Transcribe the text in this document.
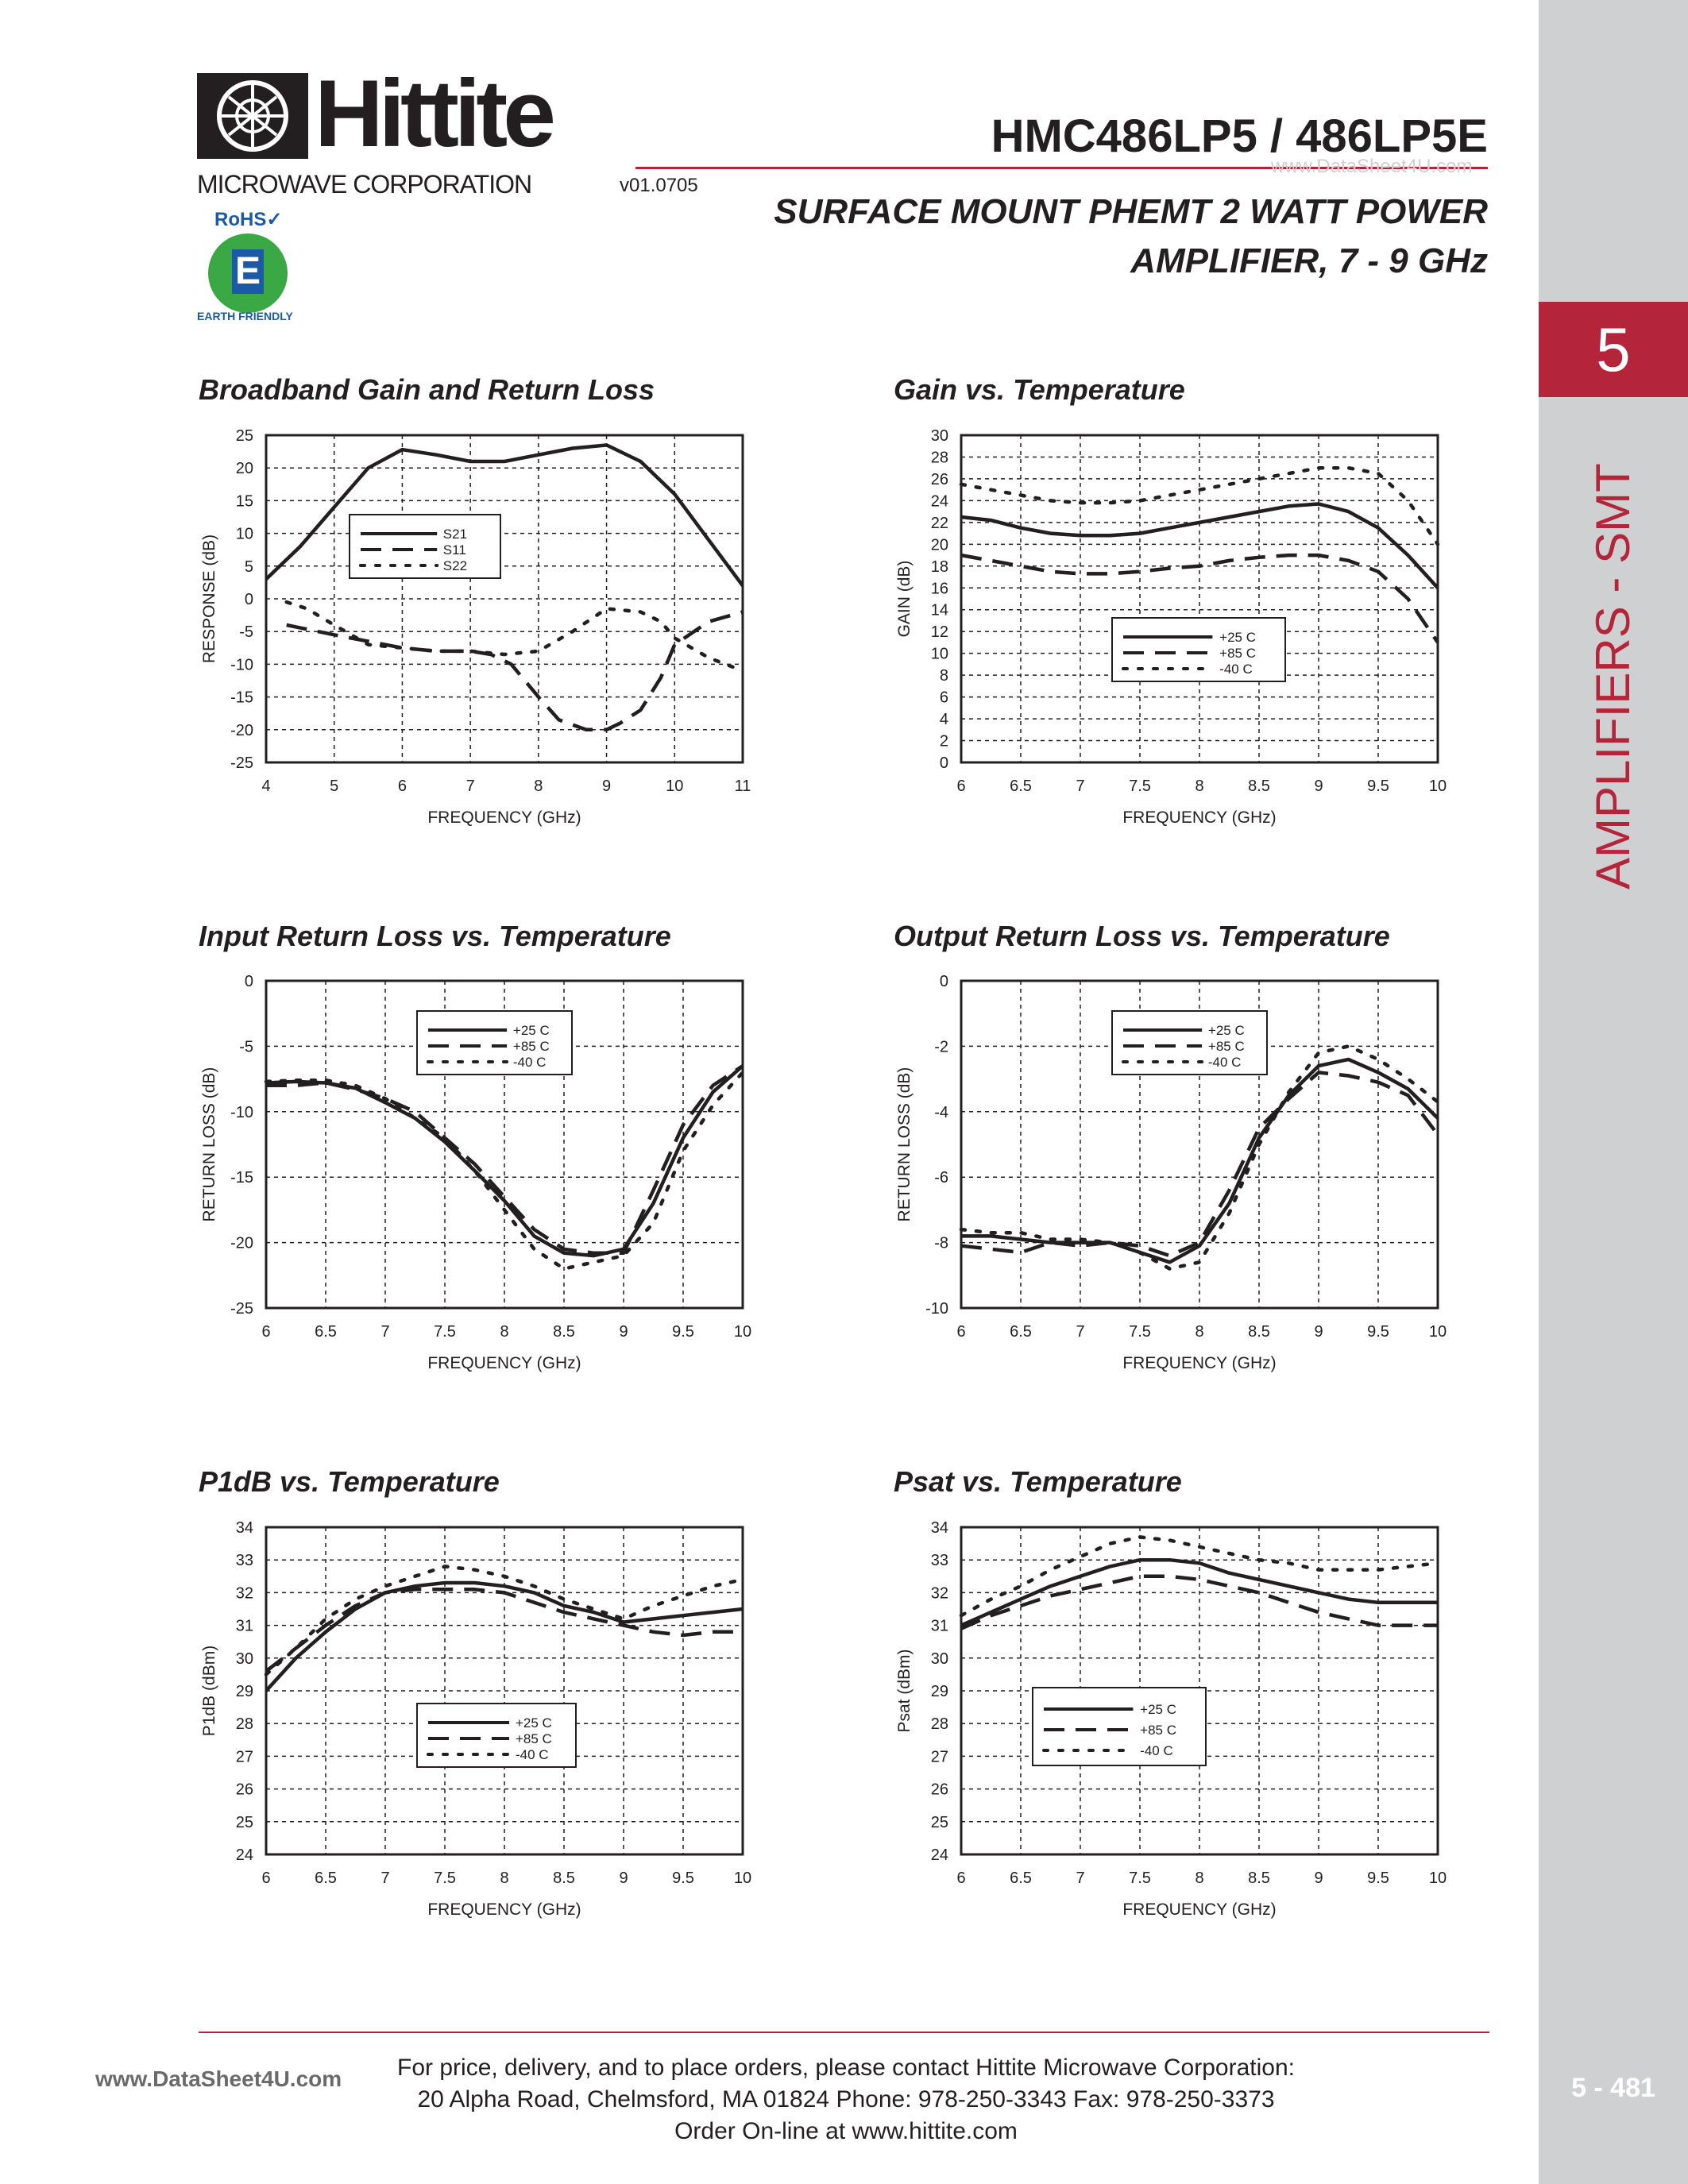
5
AMPLIFIERS - SMT
5 - 481
Hittite
MICROWAVE CORPORATION	v01.0705
RoHS✓
E
EARTH FRIENDLY
HMC486LP5 / 486LP5E
www.DataSheet4U.com
SURFACE MOUNT PHEMT 2 WATT POWER
AMPLIFIER, 7 - 9 GHz
Broadband Gain and Return Loss	Gain vs. Temperature
Input Return Loss vs. Temperature	Output Return Loss vs. Temperature
P1dB vs. Temperature	Psat vs. Temperature
4	5	6	7	8	9	10	11
-25
-20
-15
-10
-5
0
5
10
15
20
25
FREQUENCY (GHz)
RESPONSE (dB)
S21
S11
S22
6	6.5	7	7.5	8	8.5	9	9.5 10
0
2
4
6
8
10
12
14
16
18
20
22
24
26
28
30
FREQUENCY (GHz)
GAIN (dB)
+25 C
+85 C
-40 C
6	6.5	7	7.5	8	8.5	9	9.5 10
-25
-20
-15
-10
-5
0
FREQUENCY (GHz)
RETURN LOSS (dB)
+25 C
+85 C
-40 C
6	6.5	7	7.5	8	8.5	9	9.5 10
-10
-8
-6
-4
-2
0
FREQUENCY (GHz)
RETURN LOSS (dB)
+25 C
+85 C
-40 C
6	6.5	7	7.5	8	8.5	9	9.5 10
24
25
26
27
28
29
30
31
32
33
34
FREQUENCY (GHz)
P1dB (dBm)	+25 C
+85 C
-40 C
6	6.5	7	7.5	8	8.5	9	9.5 10
24
25
26
27
28
29
30
31
32
33
34
FREQUENCY (GHz)
Psat (dBm)	+25 C
+85 C
-40 C
For price, delivery, and to place orders, please contact Hittite Microwave Corporation:
20 Alpha Road, Chelmsford, MA 01824 Phone: 978-250-3343 Fax: 978-250-3373
Order On-line at www.hittite.com
www.DataSheet4U.com
